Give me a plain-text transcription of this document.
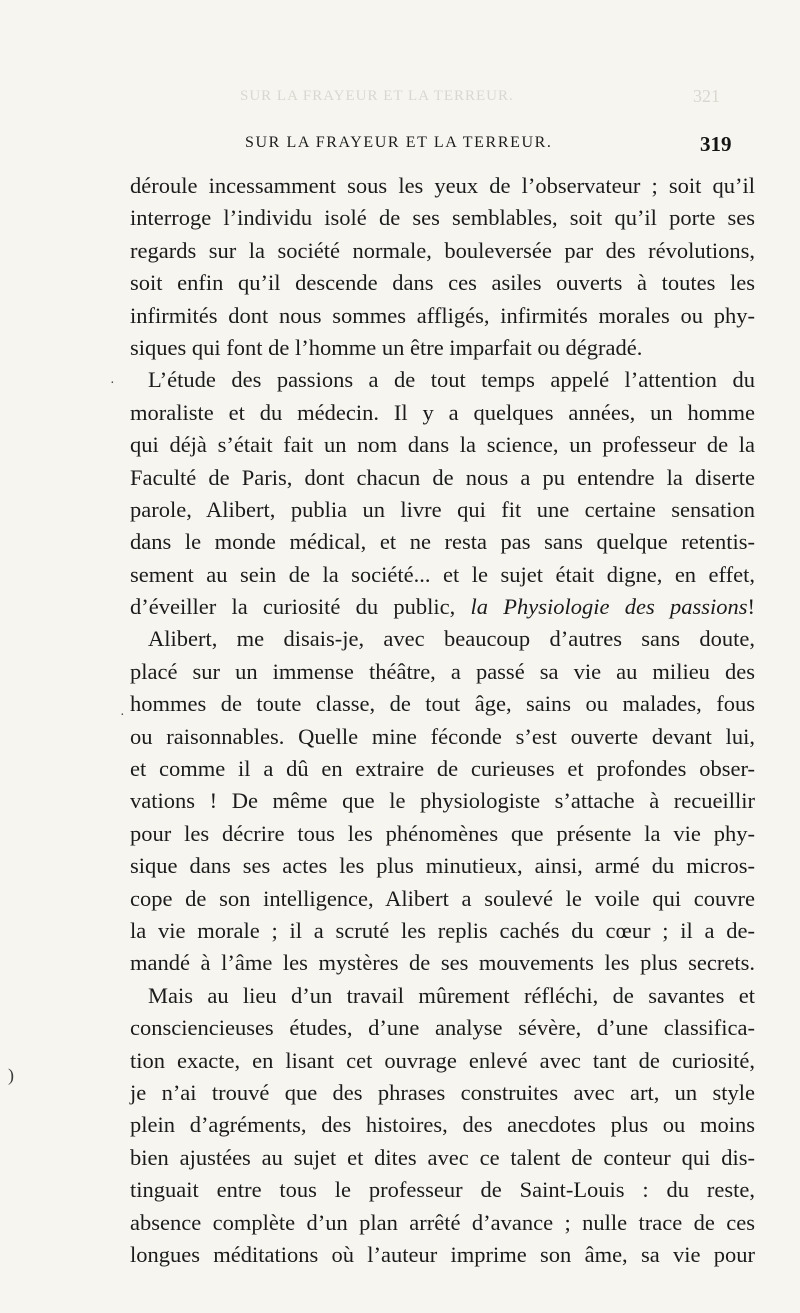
SUR LA FRAYEUR ET LA TERREUR.	321
SUR LA FRAYEUR ET LA TERREUR.	319
déroule incessamment sous les yeux de l’observateur ; soit qu’il
interroge l’individu isolé de ses semblables, soit qu’il porte ses
regards sur la société normale, bouleversée par des révolutions,
soit enfin qu’il descende dans ces asiles ouverts à toutes les
infirmités dont nous sommes affligés, infirmités morales ou phy-
siques qui font de l’homme un être imparfait ou dégradé.
L’étude des passions a de tout temps appelé l’attention du
moraliste et du médecin. Il y a quelques années, un homme
qui déjà s’était fait un nom dans la science, un professeur de la
Faculté de Paris, dont chacun de nous a pu entendre la diserte
parole, Alibert, publia un livre qui fit une certaine sensation
dans le monde médical, et ne resta pas sans quelque retentis-
sement au sein de la société... et le sujet était digne, en effet,
d’éveiller la curiosité du public, la Physiologie des passions!
Alibert, me disais-je, avec beaucoup d’autres sans doute,
placé sur un immense théâtre, a passé sa vie au milieu des
hommes de toute classe, de tout âge, sains ou malades, fous
ou raisonnables. Quelle mine féconde s’est ouverte devant lui,
et comme il a dû en extraire de curieuses et profondes obser-
vations ! De même que le physiologiste s’attache à recueillir
pour les décrire tous les phénomènes que présente la vie phy-
sique dans ses actes les plus minutieux, ainsi, armé du micros-
cope de son intelligence, Alibert a soulevé le voile qui couvre
la vie morale ; il a scruté les replis cachés du cœur ; il a de-
mandé à l’âme les mystères de ses mouvements les plus secrets.
Mais au lieu d’un travail mûrement réfléchi, de savantes et
consciencieuses études, d’une analyse sévère, d’une classifica-
tion exacte, en lisant cet ouvrage enlevé avec tant de curiosité,
je n’ai trouvé que des phrases construites avec art, un style
plein d’agréments, des histoires, des anecdotes plus ou moins
bien ajustées au sujet et dites avec ce talent de conteur qui dis-
tinguait entre tous le professeur de Saint-Louis : du reste,
absence complète d’un plan arrêté d’avance ; nulle trace de ces
longues méditations où l’auteur imprime son âme, sa vie pour
·
·
)
